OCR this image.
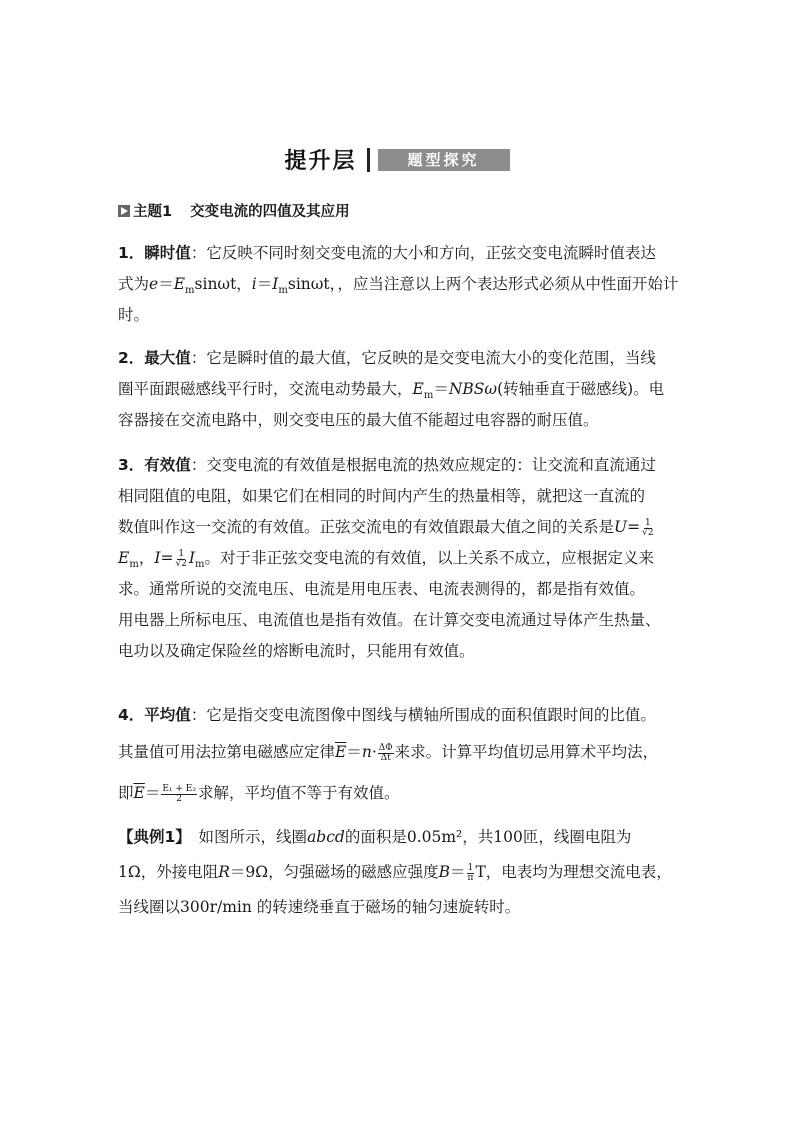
提升层	题型探究
主题1 交变电流的四值及其应用
1．瞬时值：它反映不同时刻交变电流的大小和方向，正弦交变电流瞬时值表达
式为$e=E_m\sin\omega t$，$i=I_m\sin\omega t$，，应当注意以上两个表达形式必须从中性面开始计
时。
2．最大值：它是瞬时值的最大值，它反映的是交变电流大小的变化范围，当线
圈平面跟磁感线平行时，交流电动势最大，$E_m=NBS\omega$(转轴垂直于磁感线)。电
容器接在交流电路中，则交变电压的最大值不能超过电容器的耐压值。
3．有效值：交变电流的有效值是根据电流的热效应规定的：让交流和直流通过
相同阻值的电阻，如果它们在相同的时间内产生的热量相等，就把这一直流的
数值叫作这一交流的有效值。正弦交流电的有效值跟最大值之间的关系是$U= \frac{1}{√2}$
$E_m$，$I= \frac{1}{√2} I_m$。对于非正弦交变电流的有效值，以上关系不成立，应根据定义来
求。通常所说的交流电压、电流是用电压表、电流表测得的，都是指有效值。
用电器上所标电压、电流值也是指有效值。在计算交变电流通过导体产生热量、
电功以及确定保险丝的熔断电流时，只能用有效值。
4．平均值：它是指交变电流图像中图线与横轴所围成的面积值跟时间的比值。
其量值可用法拉第电磁感应定律$\overline{E}=n\cdot \frac{\Delta\Phi}{\Delta t}$ 来求。计算平均值切忌用算术平均法，
即$\overline{E}= \frac{\text{E₁ + E₂}}{2}$ 求解，平均值不等于有效值。
【典例1】　如图所示，线圈abcd的面积是0.05m²，共100匝，线圈电阻为
1Ω，外接电阻R＝9Ω，匀强磁场的磁感应强度$B= \frac{1}{\pi}$ T，电表均为理想交流电表，
当线圈以300r/min 的转速绕垂直于磁场的轴匀速旋转时。
